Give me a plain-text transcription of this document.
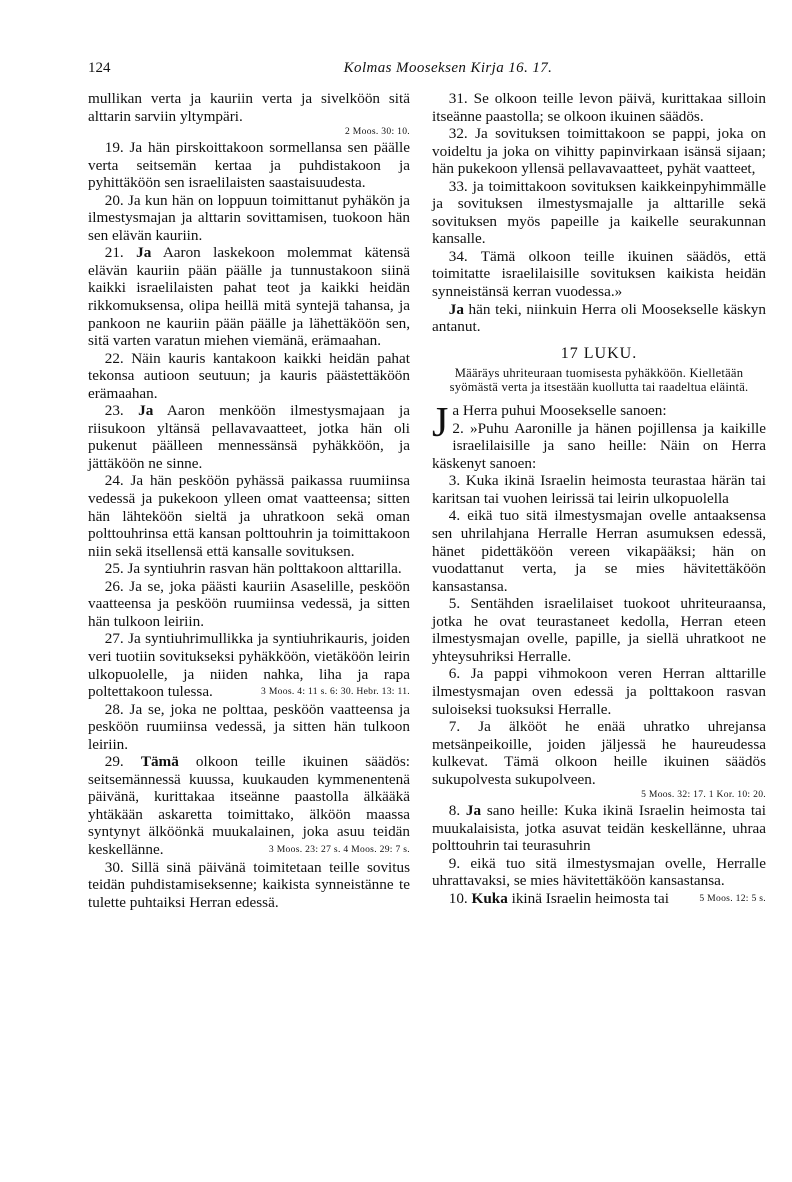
124	Kolmas Mooseksen Kirja 16. 17.

mullikan verta ja kauriin verta ja sivelköön sitä alttarin sarviin yltympäri.

2 Moos. 30: 10.

19. Ja hän pirskoittakoon sormellansa sen päälle verta seitsemän kertaa ja puhdistakoon ja pyhittäköön sen israelilaisten saastaisuudesta.

20. Ja kun hän on loppuun toimittanut pyhäkön ja ilmestysmajan ja alttarin sovittamisen, tuokoon hän sen elävän kauriin.

21. Ja Aaron laskekoon molemmat kätensä elävän kauriin pään päälle ja tunnustakoon siinä kaikki israelilaisten pahat teot ja kaikki heidän rikkomuksensa, olipa heillä mitä syntejä tahansa, ja pankoon ne kauriin pään päälle ja lähettäköön sen, sitä varten varatun miehen viemänä, erämaahan.

22. Näin kauris kantakoon kaikki heidän pahat tekonsa autioon seutuun; ja kauris päästettäköön erämaahan.

23. Ja Aaron menköön ilmestysmajaan ja riisukoon yltänsä pellavavaatteet, jotka hän oli pukenut päälleen mennessänsä pyhäkköön, ja jättäköön ne sinne.

24. Ja hän pesköön pyhässä paikassa ruumiinsa vedessä ja pukekoon ylleen omat vaatteensa; sitten hän lähteköön sieltä ja uhratkoon sekä oman polttouhrinsa että kansan polttouhrin ja toimittakoon niin sekä itsellensä että kansalle sovituksen.

25. Ja syntiuhrin rasvan hän polttakoon alttarilla.

26. Ja se, joka päästi kauriin Asaselille, pesköön vaatteensa ja pesköön ruumiinsa vedessä, ja sitten hän tulkoon leiriin.

27. Ja syntiuhrimullikka ja syntiuhrikauris, joiden veri tuotiin sovitukseksi pyhäkköön, vietäköön leirin ulkopuolelle, ja niiden nahka, liha ja rapa poltettakoon tulessa.	3 Moos. 4: 11 s. 6: 30. Hebr. 13: 11.

28. Ja se, joka ne polttaa, pesköön vaatteensa ja pesköön ruumiinsa vedessä, ja sitten hän tulkoon leiriin.

29. Tämä olkoon teille ikuinen säädös: seitsemännessä kuussa, kuukauden kymmenentenä päivänä, kurittakaa itseänne paastolla älkääkä yhtäkään askaretta toimittako, älköön maassa syntynyt älköönkä muukalainen, joka asuu teidän keskellänne.	3 Moos. 23: 27 s. 4 Moos. 29: 7 s.

30. Sillä sinä päivänä toimitetaan teille sovitus teidän puhdistamiseksenne; kaikista synneistänne te tulette puhtaiksi Herran edessä.

31. Se olkoon teille levon päivä, kurittakaa silloin itseänne paastolla; se olkoon ikuinen säädös.

32. Ja sovituksen toimittakoon se pappi, joka on voideltu ja joka on vihitty papinvirkaan isänsä sijaan; hän pukekoon yllensä pellavavaatteet, pyhät vaatteet,

33. ja toimittakoon sovituksen kaikkeinpyhimmälle ja sovituksen ilmestysmajalle ja alttarille sekä sovituksen myös papeille ja kaikelle seurakunnan kansalle.

34. Tämä olkoon teille ikuinen säädös, että toimitatte israelilaisille sovituksen kaikista heidän synneistänsä kerran vuodessa.»

Ja hän teki, niinkuin Herra oli Moosekselle käskyn antanut.

17 LUKU.
Määräys uhriteuraan tuomisesta pyhäkköön. Kielletään syömästä verta ja itsestään kuollutta tai raadeltua eläintä.

Ja Herra puhui Moosekselle sanoen:
2. »Puhu Aaronille ja hänen pojillensa ja kaikille israelilaisille ja sano heille: Näin on Herra käskenyt sanoen:

3. Kuka ikinä Israelin heimosta teurastaa härän tai karitsan tai vuohen leirissä tai leirin ulkopuolella

4. eikä tuo sitä ilmestysmajan ovelle antaaksensa sen uhrilahjana Herralle Herran asumuksen edessä, hänet pidettäköön vereen vikapääksi; hän on vuodattanut verta, ja se mies hävitettäköön kansastansa.

5. Sentähden israelilaiset tuokoot uhriteuraansa, jotka he ovat teurastaneet kedolla, Herran eteen ilmestysmajan ovelle, papille, ja siellä uhratkoot ne yhteysuhriksi Herralle.

6. Ja pappi vihmokoon veren Herran alttarille ilmestysmajan oven edessä ja polttakoon rasvan suloiseksi tuoksuksi Herralle.

7. Ja älkööt he enää uhratko uhrejansa metsänpeikoille, joiden jäljessä he haureudessa kulkevat. Tämä olkoon heille ikuinen säädös sukupolvesta sukupolveen.

5 Moos. 32: 17. 1 Kor. 10: 20.

8. Ja sano heille: Kuka ikinä Israelin heimosta tai muukalaisista, jotka asuvat teidän keskellänne, uhraa polttouhrin tai teurasuhrin

9. eikä tuo sitä ilmestysmajan ovelle, Herralle uhrattavaksi, se mies hävitettäköön kansastansa.
5 Moos. 12: 5 s.

10. Kuka ikinä Israelin heimosta tai
